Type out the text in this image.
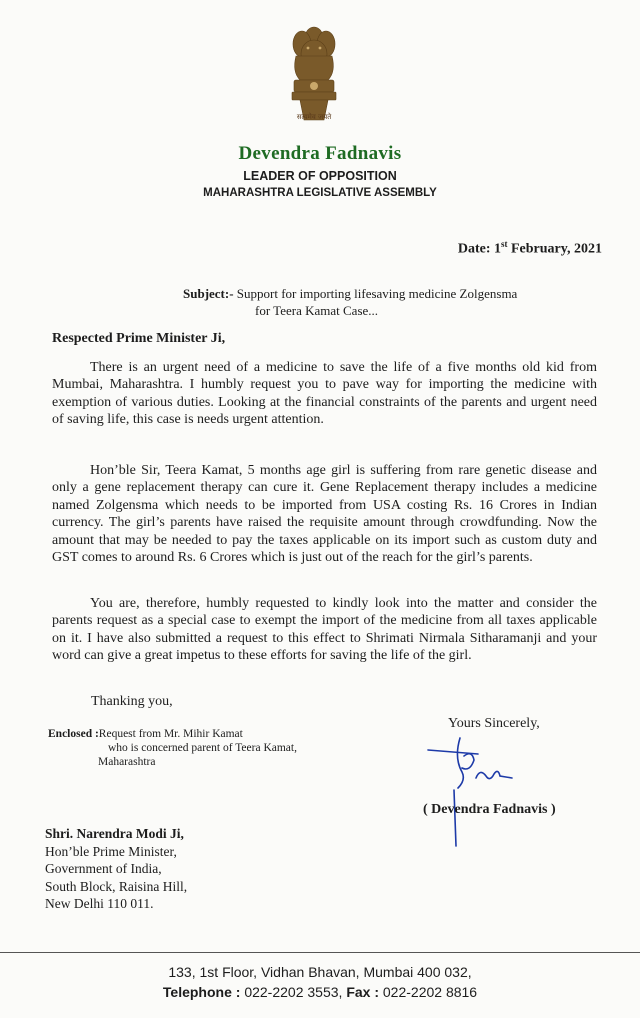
सत्यमेव जयते
Devendra Fadnavis
LEADER OF OPPOSITION
MAHARASHTRA LEGISLATIVE ASSEMBLY
Date: 1st February, 2021
Subject:- Support for importing lifesaving medicine Zolgensma
for Teera Kamat Case...
Respected Prime Minister Ji,

There is an urgent need of a medicine to save the life of a five months old kid from Mumbai, Maharashtra. I humbly request you to pave way for importing the medicine with exemption of various duties. Looking at the financial constraints of the parents and urgent need of saving life, this case is needs urgent attention.

Hon’ble Sir, Teera Kamat, 5 months age girl is suffering from rare genetic disease and only a gene replacement therapy can cure it. Gene Replacement therapy includes a medicine named Zolgensma which needs to be imported from USA costing Rs. 16 Crores in Indian currency. The girl’s parents have raised the requisite amount through crowdfunding. Now the amount that may be needed to pay the taxes applicable on its import such as custom duty and GST comes to around Rs. 6 Crores which is just out of the reach for the girl’s parents.

You are, therefore, humbly requested to kindly look into the matter and consider the parents request as a special case to exempt the import of the medicine from all taxes applicable on it. I have also submitted a request to this effect to Shrimati Nirmala Sitharamanji and your word can give a great impetus to these efforts for saving the life of the girl.

Thanking you,
Yours Sincerely,
Enclosed :Request from Mr. Mihir Kamat
who is concerned parent of Teera Kamat,
Maharashtra
( Devendra Fadnavis )
Shri. Narendra Modi Ji,
Hon’ble Prime Minister,
Government of India,
South Block, Raisina Hill,
New Delhi 110 011.
133, 1st Floor, Vidhan Bhavan, Mumbai 400 032,
Telephone : 022-2202 3553, Fax : 022-2202 8816
